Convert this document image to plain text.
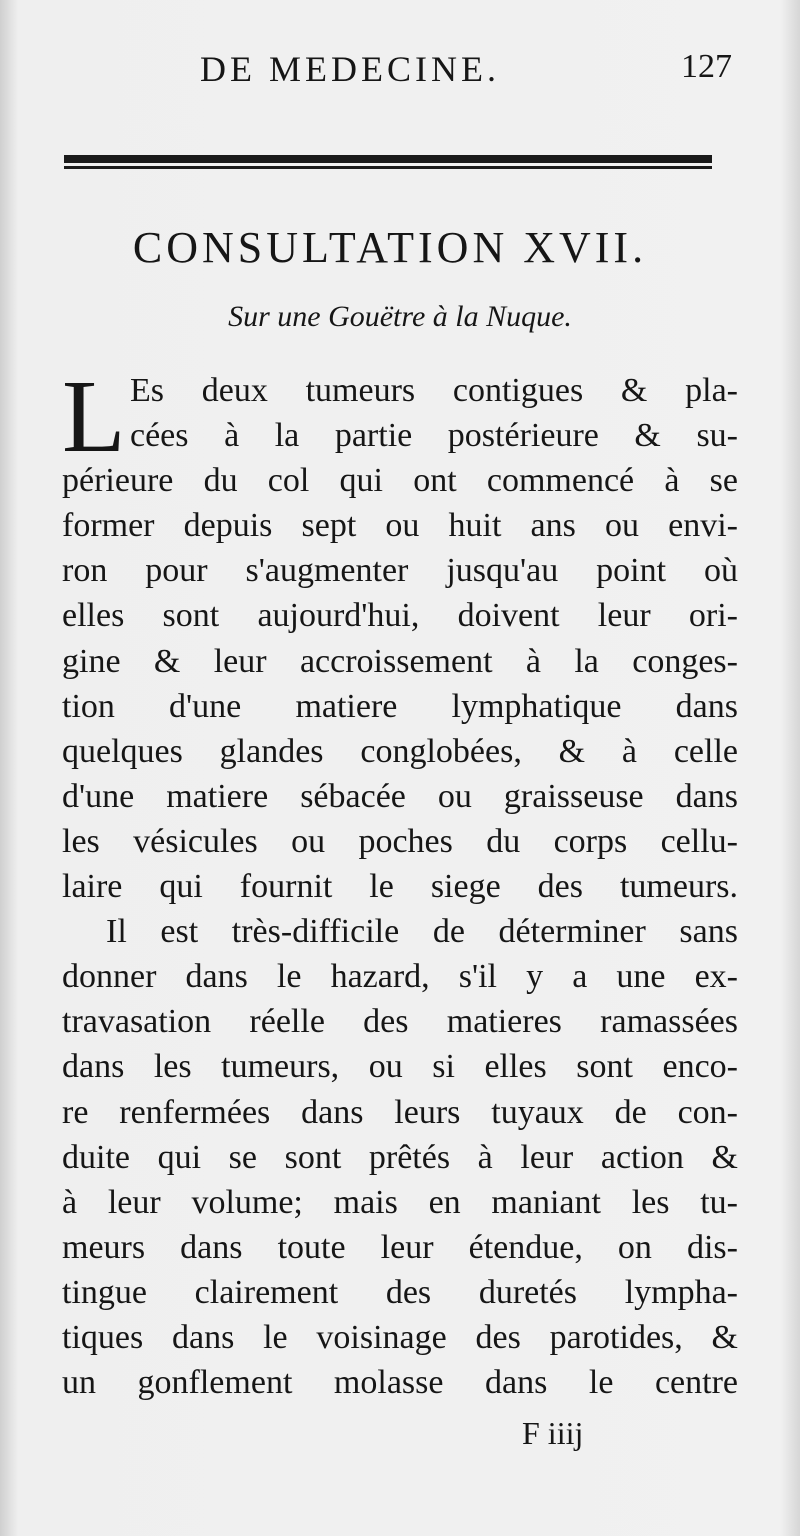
DE MEDECINE.	127
CONSULTATION XVII.
Sur une Gouëtre à la Nuque.
L Es deux tumeurs contigues & pla-
cées à la partie postérieure & su-
périeure du col qui ont commencé à se
former depuis sept ou huit ans ou envi-
ron pour s'augmenter jusqu'au point où
elles sont aujourd'hui, doivent leur ori-
gine & leur accroissement à la conges-
tion d'une matiere lymphatique dans
quelques glandes conglobées, & à celle
d'une matiere sébacée ou graisseuse dans
les vésicules ou poches du corps cellu-
laire qui fournit le siege des tumeurs.
Il est très-difficile de déterminer sans
donner dans le hazard, s'il y a une ex-
travasation réelle des matieres ramassées
dans les tumeurs, ou si elles sont enco-
re renfermées dans leurs tuyaux de con-
duite qui se sont prêtés à leur action &
à leur volume; mais en maniant les tu-
meurs dans toute leur étendue, on dis-
tingue clairement des duretés lympha-
tiques dans le voisinage des parotides, &
un gonflement molasse dans le centre
F iiij
